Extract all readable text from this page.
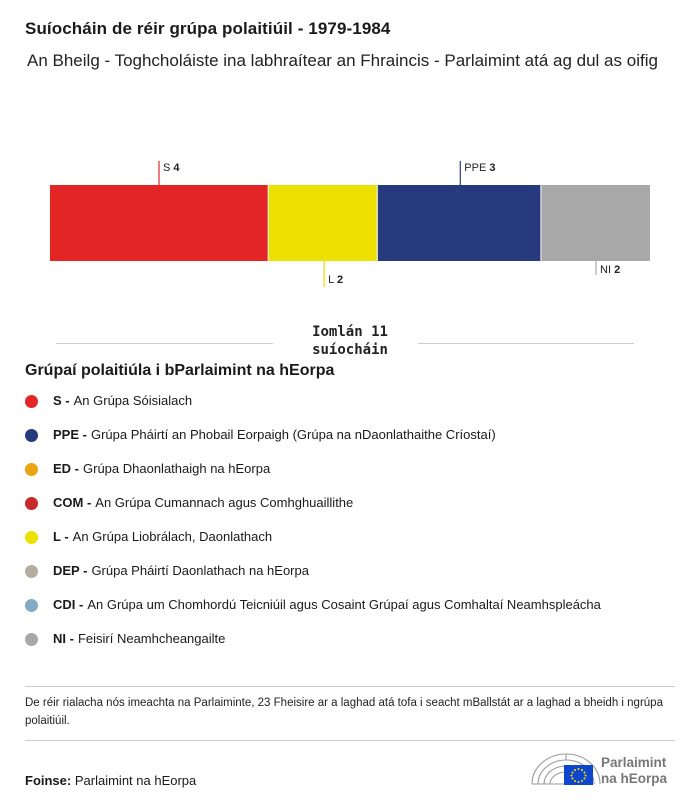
Suíocháin de réir grúpa polaitiúil - 1979-1984
An Bheilg - Toghcholáiste ina labhraítear an Fhraincis - Parlaimint atá ag dul as oifig
S 4
L 2
PPE 3
NI 2
Iomlán 11
suíocháin
Grúpaí polaitiúla i bParlaimint na hEorpa
S - An Grúpa Sóisialach
PPE - Grúpa Pháirtí an Phobail Eorpaigh (Grúpa na nDaonlathaithe Críostaí)
ED - Grúpa Dhaonlathaigh na hEorpa
COM - An Grúpa Cumannach agus Comhghuaillithe
L - An Grúpa Liobrálach, Daonlathach
DEP - Grúpa Pháirtí Daonlathach na hEorpa
CDI - An Grúpa um Chomhordú Teicniúil agus Cosaint Grúpaí agus Comhaltaí Neamhspleácha
NI - Feisirí Neamhcheangailte
De réir rialacha nós imeachta na Parlaiminte, 23 Fheisire ar a laghad atá tofa i seacht mBallstát ar a laghad a bheidh i ngrúpa polaitiúil.
Foinse: Parlaimint na hEorpa
Parlaimint
na hEorpa
